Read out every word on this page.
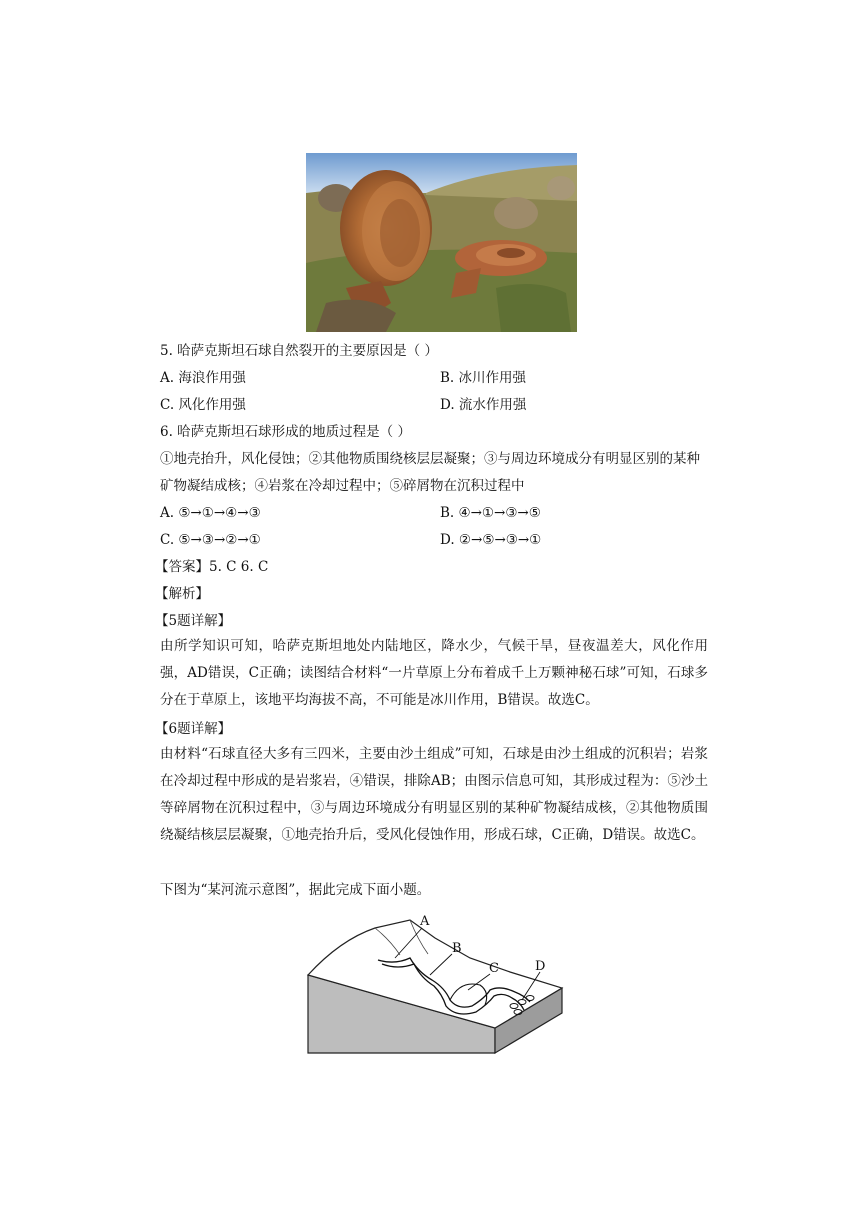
5. 哈萨克斯坦石球自然裂开的主要原因是（ ）
A. 海浪作用强	B. 冰川作用强
C. 风化作用强	D. 流水作用强
6. 哈萨克斯坦石球形成的地质过程是（ ）
①地壳抬升，风化侵蚀；②其他物质围绕核层层凝聚；③与周边环境成分有明显区别的某种
矿物凝结成核；④岩浆在冷却过程中；⑤碎屑物在沉积过程中
A. ⑤→①→④→③	B. ④→①→③→⑤
C. ⑤→③→②→①	D. ②→⑤→③→①
【答案】5. C 6. C
【解析】
【5题详解】
由所学知识可知，哈萨克斯坦地处内陆地区，降水少，气候干旱，昼夜温差大，风化作用强，AD错误，C正确；读图结合材料“一片草原上分布着成千上万颗神秘石球”可知，石球多分在于草原上，该地平均海拔不高，不可能是冰川作用，B错误。故选C。
【6题详解】
由材料“石球直径大多有三四米，主要由沙土组成”可知，石球是由沙土组成的沉积岩；岩浆在冷却过程中形成的是岩浆岩，④错误，排除AB；由图示信息可知，其形成过程为：⑤沙土等碎屑物在沉积过程中，③与周边环境成分有明显区别的某种矿物凝结成核，②其他物质围绕凝结核层层凝聚，①地壳抬升后，受风化侵蚀作用，形成石球，C正确，D错误。故选C。
下图为“某河流示意图”，据此完成下面小题。
A
B
C	D
